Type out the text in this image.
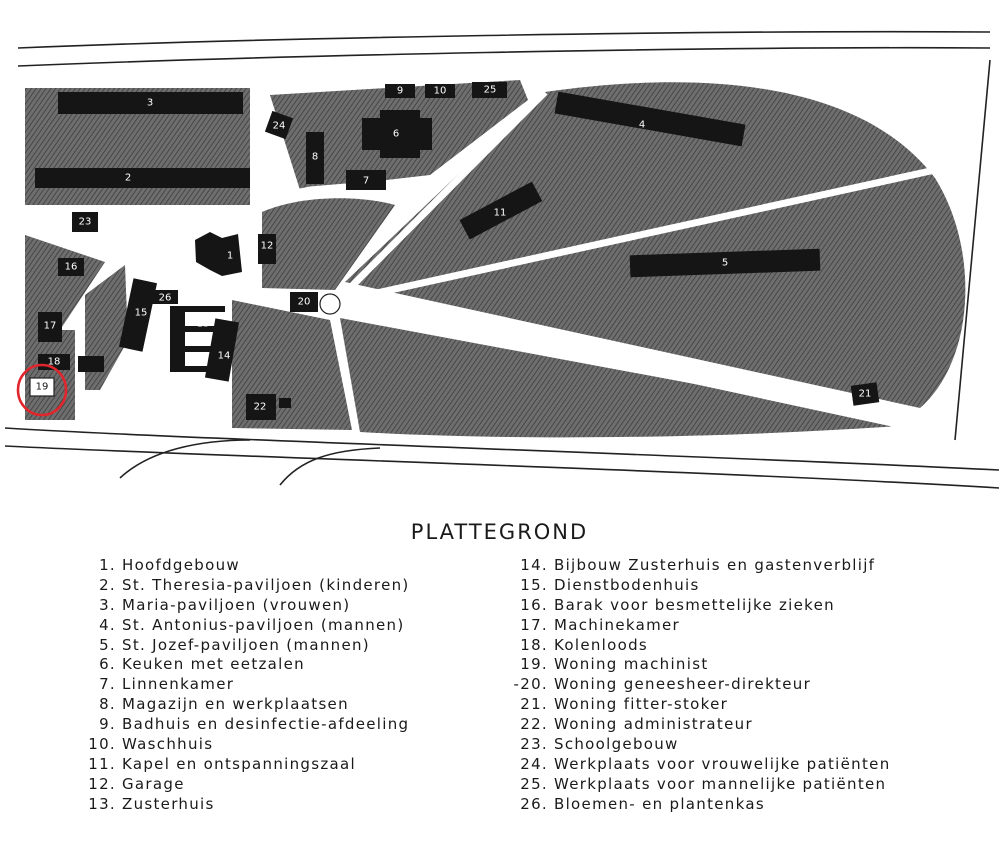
3
2
4
5
11
6
7
8
24
9	10	25
1
12
23
16
17
18
15
26
13
14
20
21
22
19
PLATTEGROND
1. Hoofdgebouw
2. St. Theresia-paviljoen (kinderen)
3. Maria-paviljoen (vrouwen)
4. St. Antonius-paviljoen (mannen)
5. St. Jozef-paviljoen (mannen)
6. Keuken met eetzalen
7. Linnenkamer
8. Magazijn en werkplaatsen
9. Badhuis en desinfectie-afdeeling
10. Waschhuis
11. Kapel en ontspanningszaal
12. Garage
13. Zusterhuis
14. Bijbouw Zusterhuis en gastenverblijf
15. Dienstbodenhuis
16. Barak voor besmettelijke zieken
17. Machinekamer
18. Kolenloods
19. Woning machinist
-20. Woning geneesheer-direkteur
21. Woning fitter-stoker
22. Woning administrateur
23. Schoolgebouw
24. Werkplaats voor vrouwelijke patiënten
25. Werkplaats voor mannelijke patiënten
26. Bloemen- en plantenkas
